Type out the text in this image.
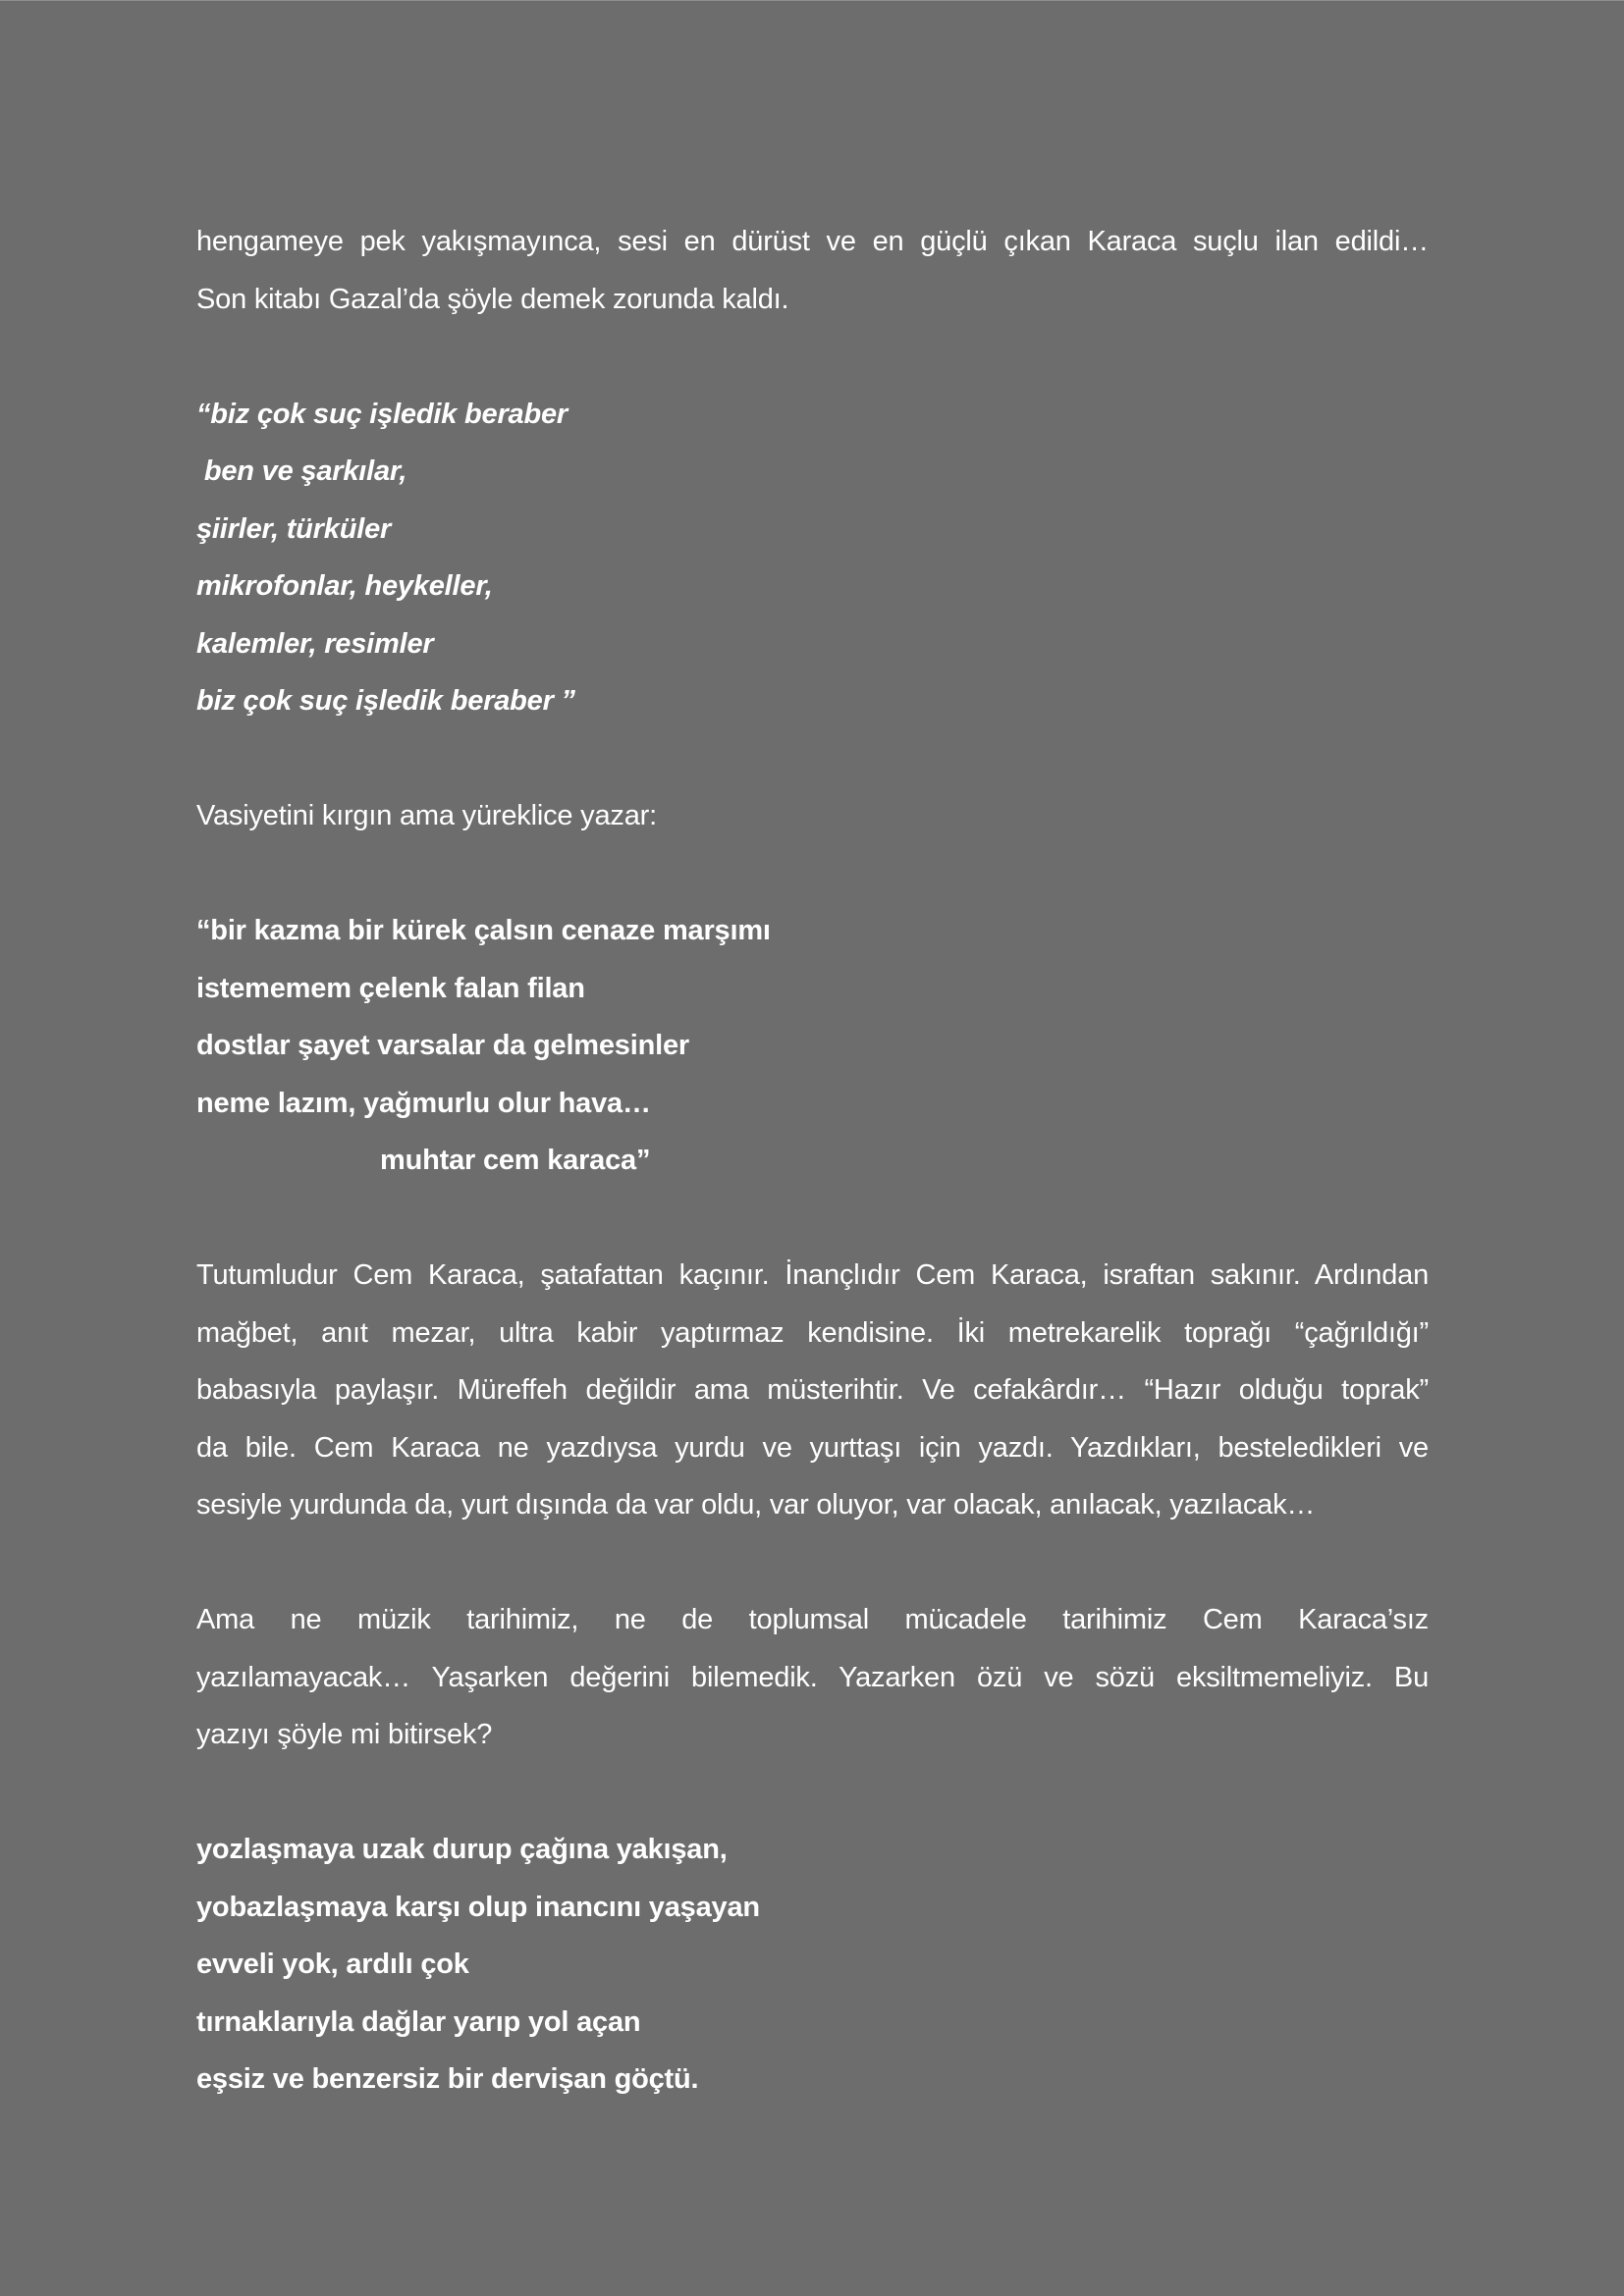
hengameye pek yakışmayınca, sesi en dürüst ve en güçlü çıkan Karaca suçlu ilan edildi…
Son kitabı Gazal’da şöyle demek zorunda kaldı.
“biz çok suç işledik beraber
ben ve şarkılar,
şiirler, türküler
mikrofonlar, heykeller,
kalemler, resimler
biz çok suç işledik beraber ”
Vasiyetini kırgın ama yüreklice yazar:
“bir kazma bir kürek çalsın cenaze marşımı
istememem çelenk falan filan
dostlar şayet varsalar da gelmesinler
neme lazım, yağmurlu olur hava…
muhtar cem karaca”
Tutumludur Cem Karaca, şatafattan kaçınır. İnançlıdır Cem Karaca, israftan sakınır. Ardından
mağbet, anıt mezar, ultra kabir yaptırmaz kendisine. İki metrekarelik toprağı “çağrıldığı”
babasıyla paylaşır. Müreffeh değildir ama müsterihtir. Ve cefakârdır… “Hazır olduğu toprak”
da bile. Cem Karaca ne yazdıysa yurdu ve yurttaşı için yazdı. Yazdıkları, besteledikleri ve
sesiyle yurdunda da, yurt dışında da var oldu, var oluyor, var olacak, anılacak, yazılacak…
Ama ne müzik tarihimiz, ne de toplumsal mücadele tarihimiz Cem Karaca’sız
yazılamayacak… Yaşarken değerini bilemedik. Yazarken özü ve sözü eksiltmemeliyiz. Bu
yazıyı şöyle mi bitirsek?
yozlaşmaya uzak durup çağına yakışan,
yobazlaşmaya karşı olup inancını yaşayan
evveli yok, ardılı çok
tırnaklarıyla dağlar yarıp yol açan
eşsiz ve benzersiz bir dervişan göçtü.
